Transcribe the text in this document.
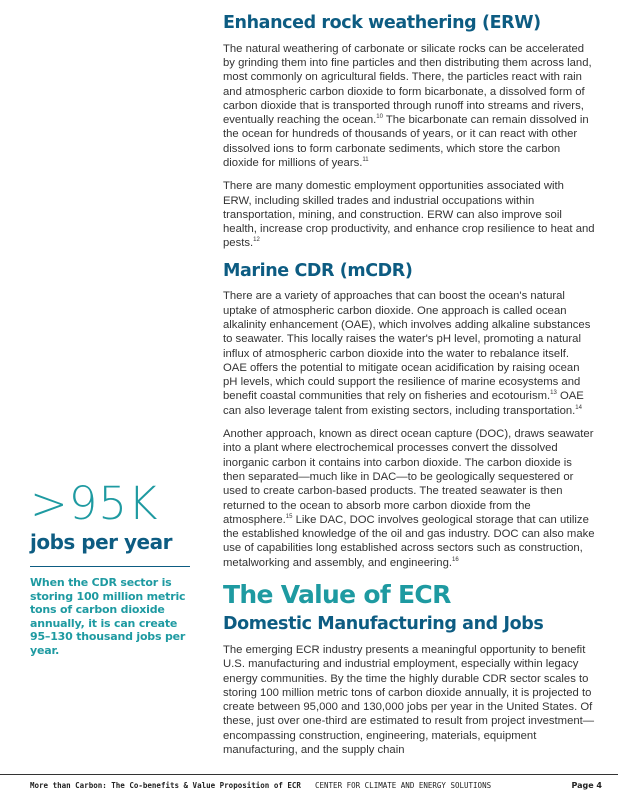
Enhanced rock weathering (ERW)

The natural weathering of carbonate or silicate rocks can be accelerated by grinding them into fine particles and then distributing them across land, most commonly on agricultural fields. There, the particles react with rain and atmospheric carbon dioxide to form bicarbonate, a dissolved form of carbon dioxide that is transported through runoff into streams and rivers, eventually reaching the ocean.$^{10}$ The bicarbonate can remain dissolved in the ocean for hundreds of thousands of years, or it can react with other dissolved ions to form carbonate sediments, which store the carbon dioxide for millions of years.$^{11}$

There are many domestic employment opportunities associated with ERW, including skilled trades and industrial occupations within transportation, mining, and construction. ERW can also improve soil health, increase crop productivity, and enhance crop resilience to heat and pests.$^{12}$

Marine CDR (mCDR)

There are a variety of approaches that can boost the ocean's natural uptake of atmospheric carbon dioxide. One approach is called ocean alkalinity enhancement (OAE), which involves adding alkaline substances to seawater. This locally raises the water's pH level, promoting a natural influx of atmospheric carbon dioxide into the water to rebalance itself. OAE offers the potential to mitigate ocean acidification by raising ocean pH levels, which could support the resilience of marine ecosystems and benefit coastal communities that rely on fisheries and ecotourism.$^{13}$ OAE can also leverage talent from existing sectors, including transportation.$^{14}$

Another approach, known as direct ocean capture (DOC), draws seawater into a plant where electrochemical processes convert the dissolved inorganic carbon it contains into carbon dioxide. The carbon dioxide is then separated—much like in DAC—to be geologically sequestered or used to create carbon-based products. The treated seawater is then returned to the ocean to absorb more carbon dioxide from the atmosphere.$^{15}$ Like DAC, DOC involves geological storage that can utilize the established knowledge of the oil and gas industry. DOC can also make use of capabilities long established across sectors such as construction, metalworking and assembly, and engineering.$^{16}$

The Value of ECR
Domestic Manufacturing and Jobs

The emerging ECR industry presents a meaningful opportunity to benefit U.S. manufacturing and industrial employment, especially within legacy energy communities. By the time the highly durable CDR sector scales to storing 100 million metric tons of carbon dioxide annually, it is projected to create between 95,000 and 130,000 jobs per year in the United States. Of these, just over one-third are estimated to result from project investment—encompassing construction, engineering, materials, equipment manufacturing, and the supply chain

>95K
jobs per year
When the CDR sector is storing 100 million metric tons of carbon dioxide annually, it is can create 95–130 thousand jobs per year.
More than Carbon: The Co-benefits & Value Proposition of ECR CENTER FOR CLIMATE AND ENERGY SOLUTIONS	Page 4
